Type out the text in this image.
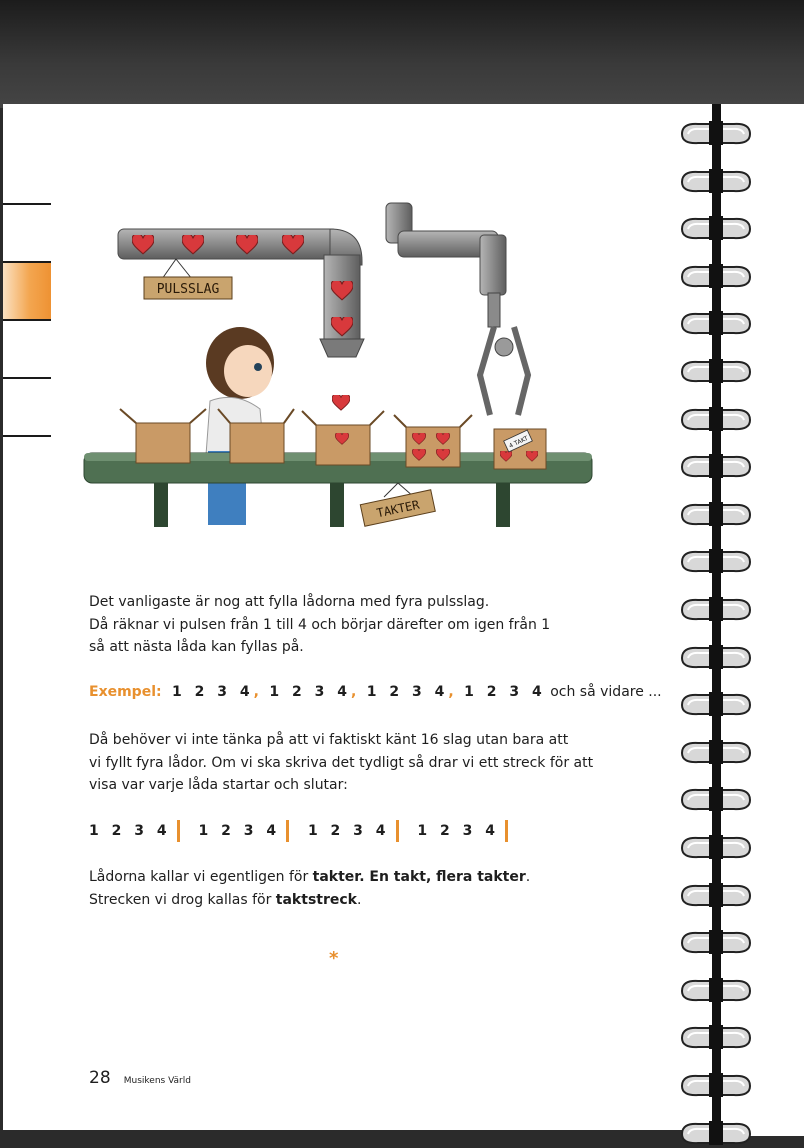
PULSSLAG
4 TAKT
TAKTER

Det vanligaste är nog att fylla lådorna med fyra pulsslag.

Då räknar vi pulsen från 1 till 4 och börjar därefter om igen från 1

så att nästa låda kan fyllas på.

Exempel: 1 2 3 4, 1 2 3 4, 1 2 3 4, 1 2 3 4 och så vidare ...

Då behöver vi inte tänka på att vi faktiskt känt 16 slag utan bara att

vi fyllt fyra lådor. Om vi ska skriva det tydligt så drar vi ett streck för att

visa var varje låda startar och slutar:

1 2 3 4 1 2 3 4 1 2 3 4 1 2 3 4

Lådorna kallar vi egentligen för takter. En takt, flera takter.

Strecken vi drog kallas för taktstreck.

*
28 Musikens Värld
